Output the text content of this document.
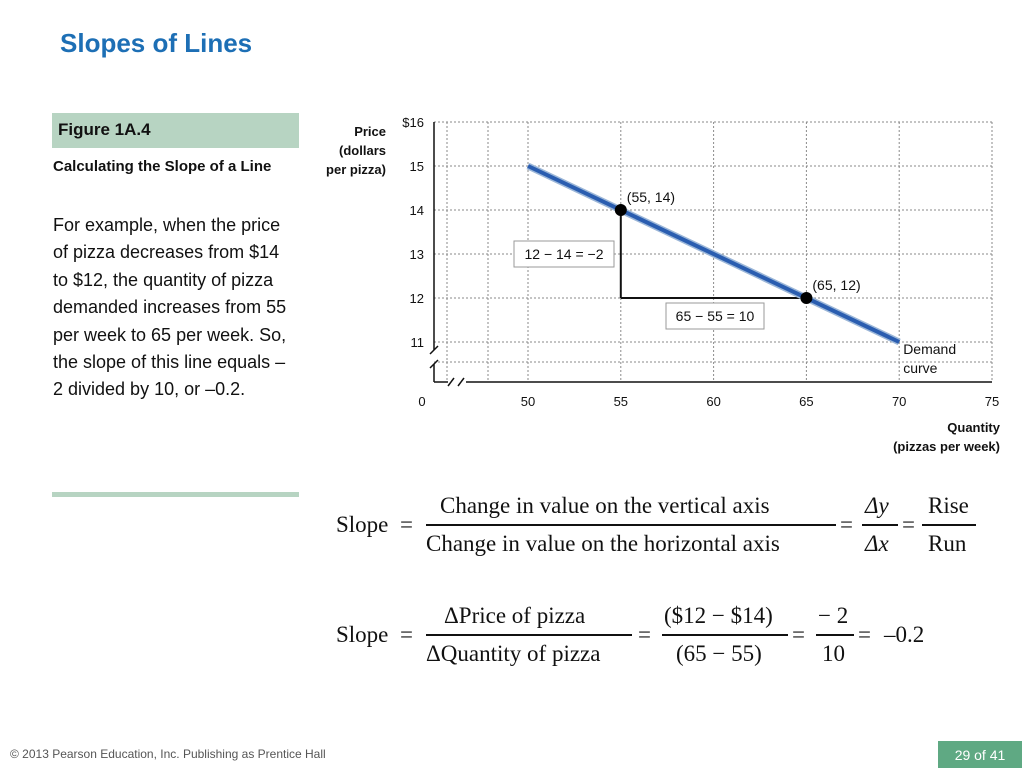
Slopes of Lines
Figure 1A.4
Calculating the Slope of a Line
For example, when the price of pizza decreases from $14 to $12, the quantity of pizza demanded increases from 55 per week to 65 per week. So, the slope of this line equals –2 divided by 10, or –0.2.
11
12
13
14
15
$16
0	50	55	60	65	70	75
Price
(dollars
per pizza)
Quantity
(pizzas per week)
Demand
curve
(55, 14)
(65, 12)
12 − 14 = −2
65 − 55 = 10
Slope =
Change in value on the vertical axis
Change in value on the horizontal axis
=
Δy
Δx
=
Rise
Run
Slope =
ΔPrice of pizza
ΔQuantity of pizza
=
($12 − $14)
(65 − 55)
=
− 2
10
= –0.2
© 2013 Pearson Education, Inc. Publishing as Prentice Hall	29 of 41
